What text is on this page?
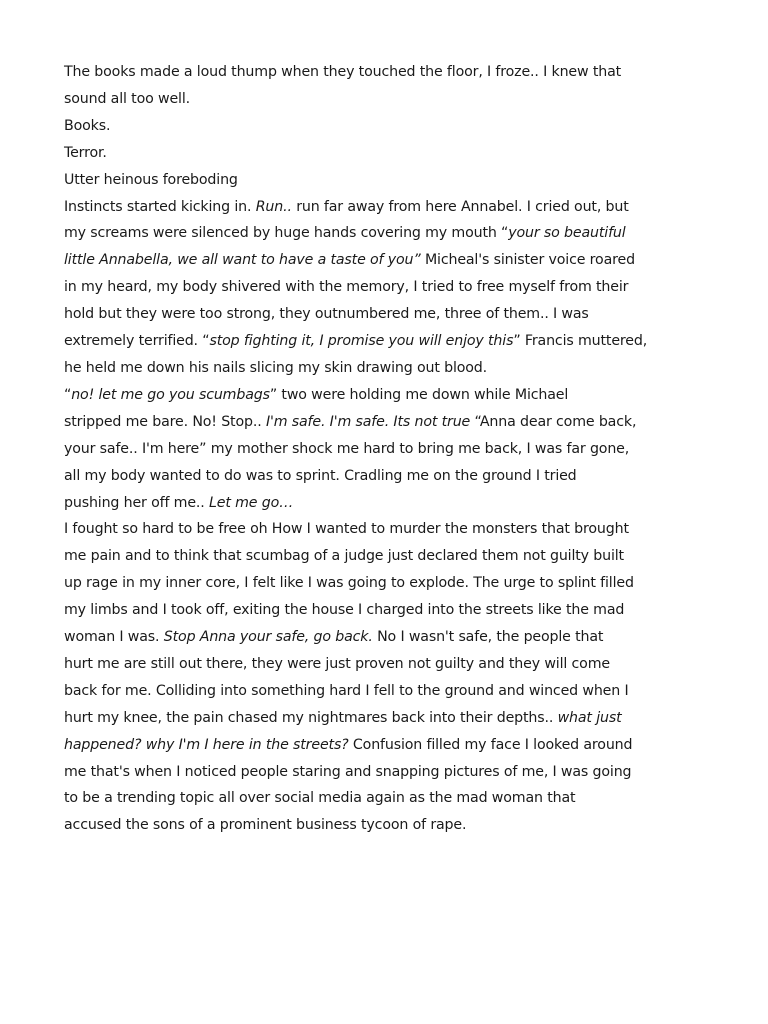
The books made a loud thump when they touched the floor, I froze.. I knew that
sound all too well.
Books.
Terror.
Utter heinous foreboding
Instincts started kicking in. Run.. run far away from here Annabel. I cried out, but
my screams were silenced by huge hands covering my mouth “your so beautiful
little Annabella, we all want to have a taste of you” Micheal's sinister voice roared
in my heard, my body shivered with the memory, I tried to free myself from their
hold but they were too strong, they outnumbered me, three of them.. I was
extremely terrified. “stop fighting it, I promise you will enjoy this” Francis muttered,
he held me down his nails slicing my skin drawing out blood.
“no! let me go you scumbags” two were holding me down while Michael
stripped me bare. No! Stop.. I'm safe. I'm safe. Its not true “Anna dear come back,
your safe.. I'm here” my mother shock me hard to bring me back, I was far gone,
all my body wanted to do was to sprint. Cradling me on the ground I tried
pushing her off me.. Let me go…
I fought so hard to be free oh How I wanted to murder the monsters that brought
me pain and to think that scumbag of a judge just declared them not guilty built
up rage in my inner core, I felt like I was going to explode. The urge to splint filled
my limbs and I took off, exiting the house I charged into the streets like the mad
woman I was. Stop Anna your safe, go back. No I wasn't safe, the people that
hurt me are still out there, they were just proven not guilty and they will come
back for me. Colliding into something hard I fell to the ground and winced when I
hurt my knee, the pain chased my nightmares back into their depths.. what just
happened? why I'm I here in the streets? Confusion filled my face I looked around
me that's when I noticed people staring and snapping pictures of me, I was going
to be a trending topic all over social media again as the mad woman that
accused the sons of a prominent business tycoon of rape.
